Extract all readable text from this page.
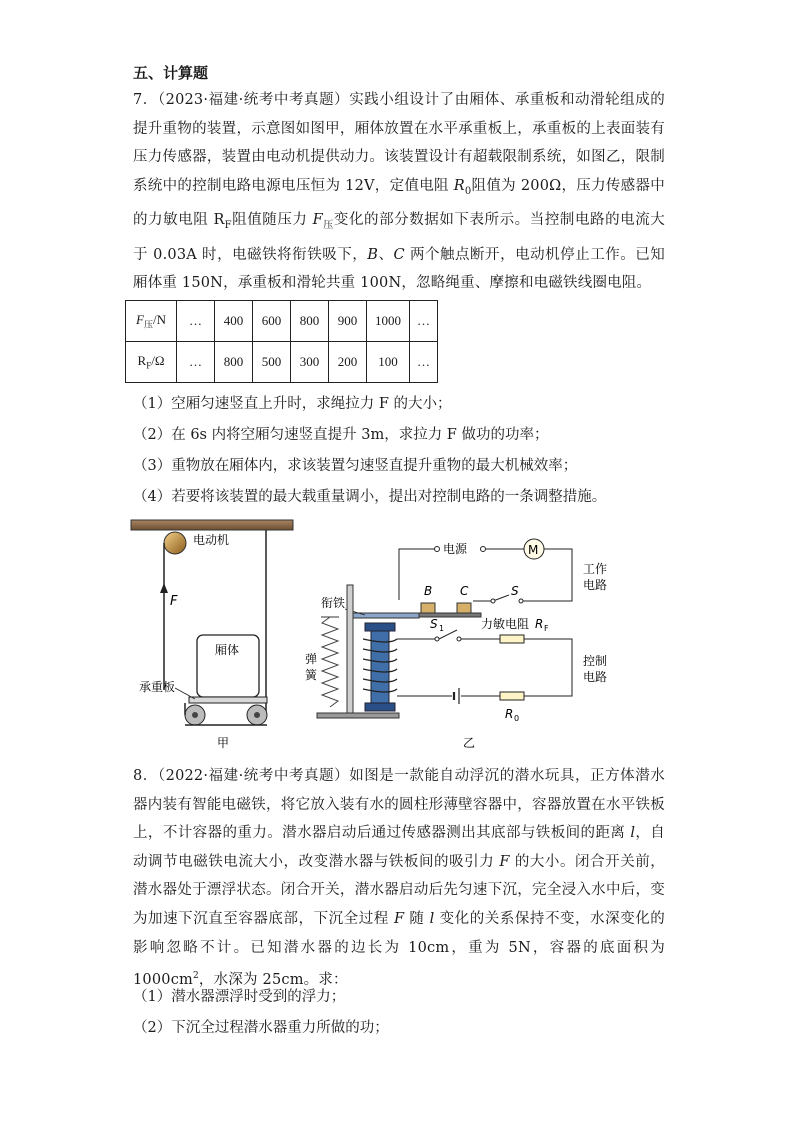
五、计算题
7．（2023·福建·统考中考真题）实践小组设计了由厢体、承重板和动滑轮组成的提升重物的装置，示意图如图甲，厢体放置在水平承重板上，承重板的上表面装有压力传感器，装置由电动机提供动力。该装置设计有超载限制系统，如图乙，限制系统中的控制电路电源电压恒为 12V，定值电阻 $R_0$阻值为 200Ω，压力传感器中的力敏电阻 $R_F$阻值随压力 $F_压$变化的部分数据如下表所示。当控制电路的电流大于 0.03A 时，电磁铁将衔铁吸下，B、C 两个触点断开，电动机停止工作。已知厢体重 150N，承重板和滑轮共重 100N，忽略绳重、摩擦和电磁铁线圈电阻。
$F_压/N$	…	400	600	800	900	1000	…
$R_F/\Omega$	…	800	500	300	200	100	…
（1）空厢匀速竖直上升时，求绳拉力 F 的大小；
（2）在 6s 内将空厢匀速竖直提升 3m，求拉力 F 做功的功率；
（3）重物放在厢体内，求该装置匀速竖直提升重物的最大机械效率；
（4）若要将该装置的最大载重量调小，提出对控制电路的一条调整措施。
电动机
F
厢体
承重板
甲
电源	M
S
工作
电路
B C
衔铁
弹
簧
S 1	力敏电阻 R F
控制
电路
R 0
乙
8．（2022·福建·统考中考真题）如图是一款能自动浮沉的潜水玩具，正方体潜水器内装有智能电磁铁，将它放入装有水的圆柱形薄壁容器中，容器放置在水平铁板上，不计容器的重力。潜水器启动后通过传感器测出其底部与铁板间的距离 l，自动调节电磁铁电流大小，改变潜水器与铁板间的吸引力 F 的大小。闭合开关前，潜水器处于漂浮状态。闭合开关，潜水器启动后先匀速下沉，完全浸入水中后，变为加速下沉直至容器底部，下沉全过程 F 随 l 变化的关系保持不变，水深变化的影响忽略不计。已知潜水器的边长为 10cm，重为 5N，容器的底面积为 $1000cm^2$，水深为 25cm。求：
（1）潜水器漂浮时受到的浮力；
（2）下沉全过程潜水器重力所做的功；
